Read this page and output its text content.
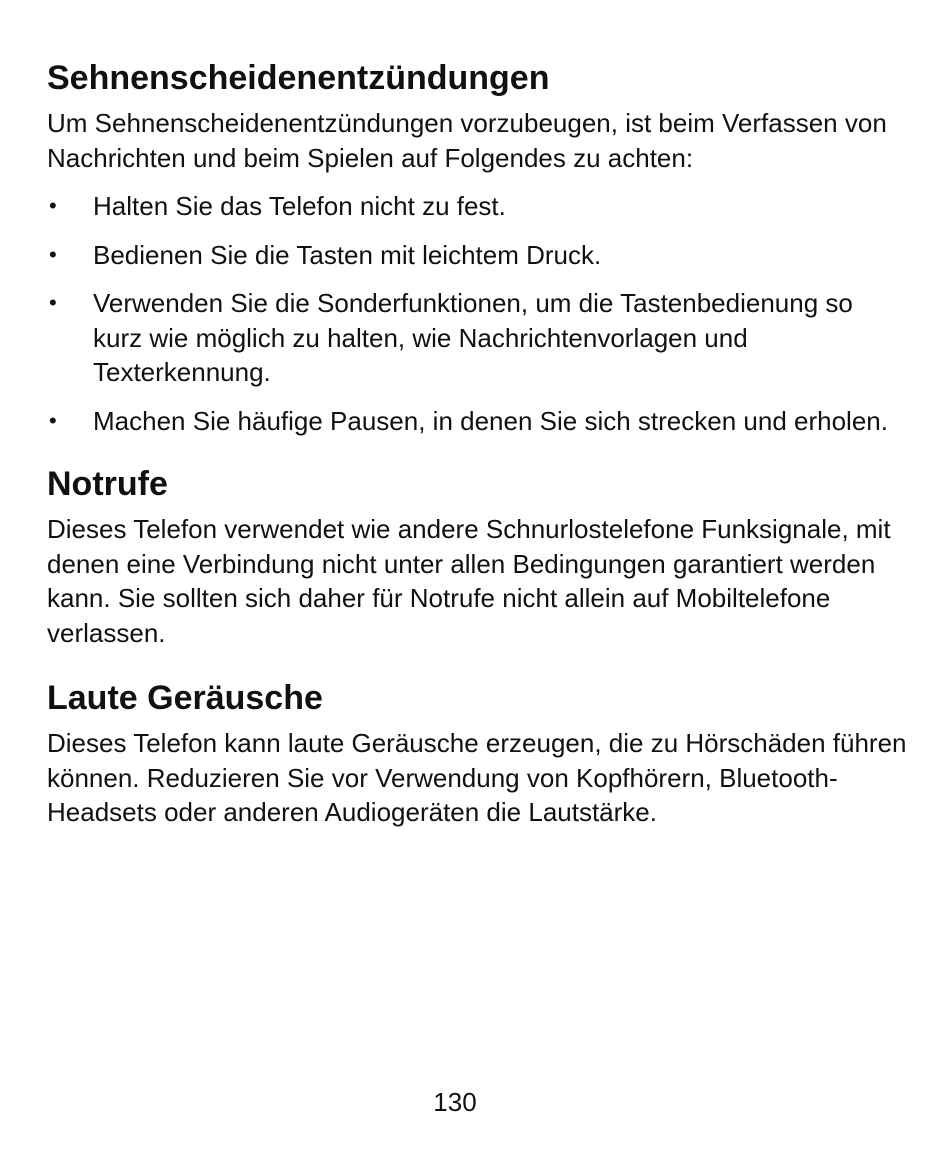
Sehnenscheidenentzündungen

Um Sehnenscheidenentzündungen vorzubeugen, ist beim Verfassen von Nachrichten und beim Spielen auf Folgendes zu achten:

• Halten Sie das Telefon nicht zu fest.
• Bedienen Sie die Tasten mit leichtem Druck.
• Verwenden Sie die Sonderfunktionen, um die Tastenbedienung so kurz wie möglich zu halten, wie Nachrichtenvorlagen und Texterkennung.
• Machen Sie häufige Pausen, in denen Sie sich strecken und erholen.
Notrufe

Dieses Telefon verwendet wie andere Schnurlostelefone Funksignale, mit denen eine Verbindung nicht unter allen Bedingungen garantiert werden kann. Sie sollten sich daher für Notrufe nicht allein auf Mobiltelefone verlassen.

Laute Geräusche

Dieses Telefon kann laute Geräusche erzeugen, die zu Hörschäden führen können. Reduzieren Sie vor Verwendung von Kopfhörern, Bluetooth-Headsets oder anderen Audiogeräten die Lautstärke.

130
